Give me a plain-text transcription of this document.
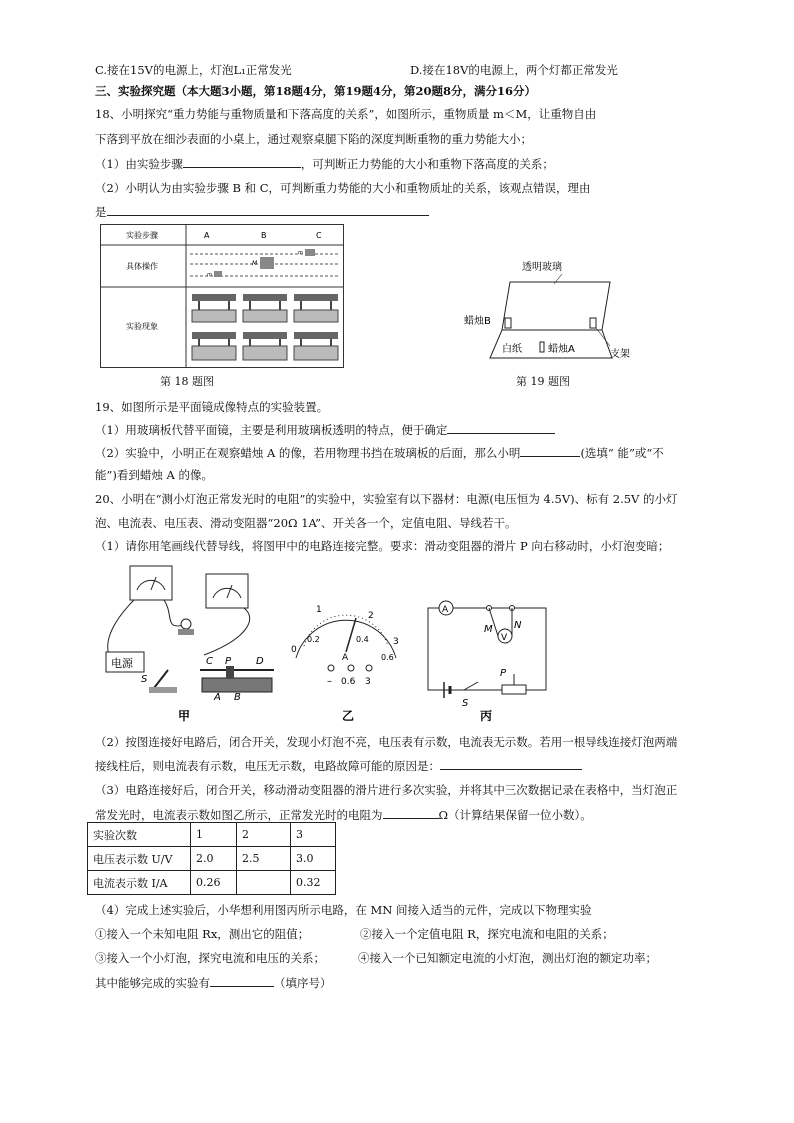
C.接在15V的电源上，灯泡L₁正常发光	D.接在18V的电源上，两个灯都正常发光
三、实验探究题（本大题3小题，第18题4分，第19题4分，第20题8分，满分16分）
18、小明探究“重力势能与重物质量和下落高度的关系”，如图所示，重物质量 m＜M，让重物自由
下落到平放在细沙表面的小桌上，通过观察桌腿下陷的深度判断重物的重力势能大小；
（1）由实验步骤	，可判断正力势能的大小和重物下落高度的关系；
（2）小明认为由实验步骤 B 和 C，可判断重力势能的大小和重物质址的关系，该观点错误，理由
是
实验步骤	A	B	C
具体操作
实验现象
m
M
m
第 18 题图
透明玻璃
蜡烛B
白纸	蜡烛A	支架
第 19 题图
19、如图所示是平面镜成像特点的实验装置。
（1）用玻璃板代替平面镜，主要是利用玻璃板透明的特点，便于确定
（2）实验中，小明正在观察蜡烛 A 的像，若用物理书挡在玻璃板的后面，那么小明	(选填“ 能”或“不
能”)看到蜡烛 A 的像。
20、小明在“测小灯泡正常发光时的电阻”的实验中，实验室有以下器材：电源(电压恒为 4.5V)、标有 2.5V 的小灯
泡、电流表、电压表、滑动变阻器“20Ω 1A”、开关各一个，定值电阻、导线若干。
（1）请你用笔画线代替导线，将图甲中的电路连接完整。要求：滑动变阻器的滑片 P 向右移动时，小灯泡变暗；
电源
S
C P D
A B
甲
0
1
2
3
0.2	0.4
0.6
A
– 0.6 3
乙
A
M N
V
S
P
丙
（2）按图连接好电路后，闭合开关，发现小灯泡不亮，电压表有示数，电流表无示数。若用一根导线连接灯泡两端
接线柱后，则电流表有示数，电压无示数，电路故障可能的原因是：
（3）电路连接好后，闭合开关，移动滑动变阻器的滑片进行多次实验，并将其中三次数据记录在表格中，当灯泡正
常发光时，电流表示数如图乙所示，正常发光时的电阻为	Ω（计算结果保留一位小数）。
实验次数	1	2	3
电压表示数 U/V	2.0	2.5	3.0
电流表示数 I/A	0.26		0.32
（4）完成上述实验后，小华想利用图丙所示电路，在 MN 间接入适当的元件，完成以下物理实验
①接入一个未知电阻 Rx，测出它的阻值；	②接入一个定值电阻 R，探究电流和电阻的关系；
③接入一个小灯泡，探究电流和电压的关系；	④接入一个已知额定电流的小灯泡，测出灯泡的额定功率；
其中能够完成的实验有	（填序号）
